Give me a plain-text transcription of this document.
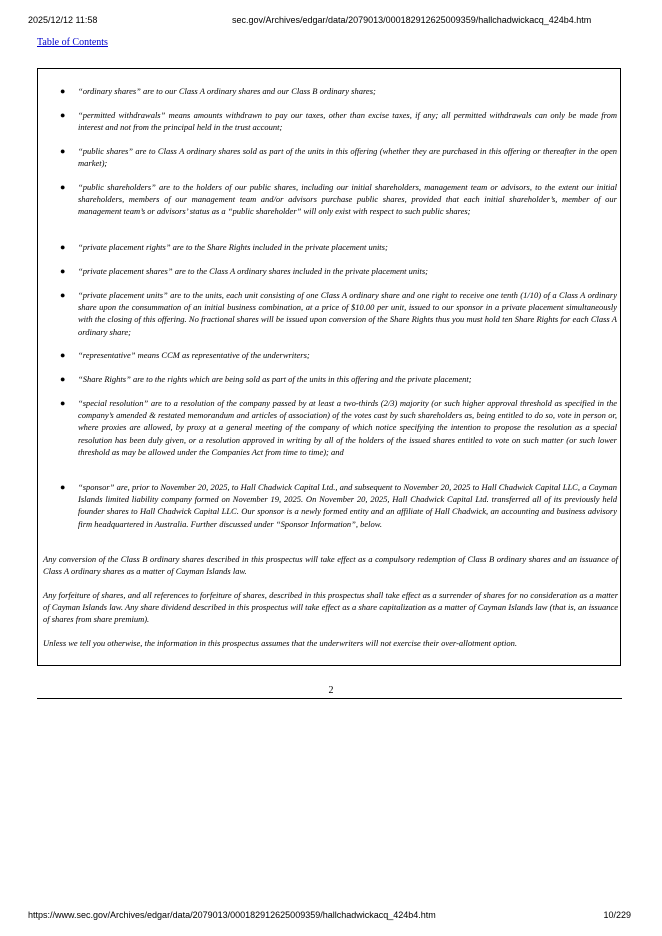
2025/12/12 11:58	sec.gov/Archives/edgar/data/2079013/000182912625009359/hallchadwickacq_424b4.htm
Table of Contents
● “ordinary shares” are to our Class A ordinary shares and our Class B ordinary shares;
● “permitted withdrawals” means amounts withdrawn to pay our taxes, other than excise taxes, if any; all permitted withdrawals can only be made from interest and not from the principal held in the trust account;
● “public shares” are to Class A ordinary shares sold as part of the units in this offering (whether they are purchased in this offering or thereafter in the open market);
● “public shareholders” are to the holders of our public shares, including our initial shareholders, management team or advisors, to the extent our initial shareholders, members of our management team and/or advisors purchase public shares, provided that each initial shareholder’s, member of our management team’s or advisors’ status as a “public shareholder” will only exist with respect to such public shares;
● “private placement rights” are to the Share Rights included in the private placement units;
● “private placement shares” are to the Class A ordinary shares included in the private placement units;
● “private placement units” are to the units, each unit consisting of one Class A ordinary share and one right to receive one tenth (1/10) of a Class A ordinary share upon the consummation of an initial business combination, at a price of $10.00 per unit, issued to our sponsor in a private placement simultaneously with the closing of this offering. No fractional shares will be issued upon conversion of the Share Rights thus you must hold ten Share Rights for each Class A ordinary share;
● “representative” means CCM as representative of the underwriters;
● “Share Rights” are to the rights which are being sold as part of the units in this offering and the private placement;
● “special resolution” are to a resolution of the company passed by at least a two-thirds (2/3) majority (or such higher approval threshold as specified in the company’s amended & restated memorandum and articles of association) of the votes cast by such shareholders as, being entitled to do so, vote in person or, where proxies are allowed, by proxy at a general meeting of the company of which notice specifying the intention to propose the resolution as a special resolution has been duly given, or a resolution approved in writing by all of the holders of the issued shares entitled to vote on such matter (or such lower threshold as may be allowed under the Companies Act from time to time); and
● “sponsor” are, prior to November 20, 2025, to Hall Chadwick Capital Ltd., and subsequent to November 20, 2025 to Hall Chadwick Capital LLC, a Cayman Islands limited liability company formed on November 19, 2025. On November 20, 2025, Hall Chadwick Capital Ltd. transferred all of its previously held founder shares to Hall Chadwick Capital LLC. Our sponsor is a newly formed entity and an affiliate of Hall Chadwick, an accounting and business advisory firm headquartered in Australia. Further discussed under “Sponsor Information”, below.

Any conversion of the Class B ordinary shares described in this prospectus will take effect as a compulsory redemption of Class B ordinary shares and an issuance of Class A ordinary shares as a matter of Cayman Islands law.

Any forfeiture of shares, and all references to forfeiture of shares, described in this prospectus shall take effect as a surrender of shares for no consideration as a matter of Cayman Islands law. Any share dividend described in this prospectus will take effect as a share capitalization as a matter of Cayman Islands law (that is, an issuance of shares from share premium).

Unless we tell you otherwise, the information in this prospectus assumes that the underwriters will not exercise their over-allotment option.

2
https://www.sec.gov/Archives/edgar/data/2079013/000182912625009359/hallchadwickacq_424b4.htm	10/229
